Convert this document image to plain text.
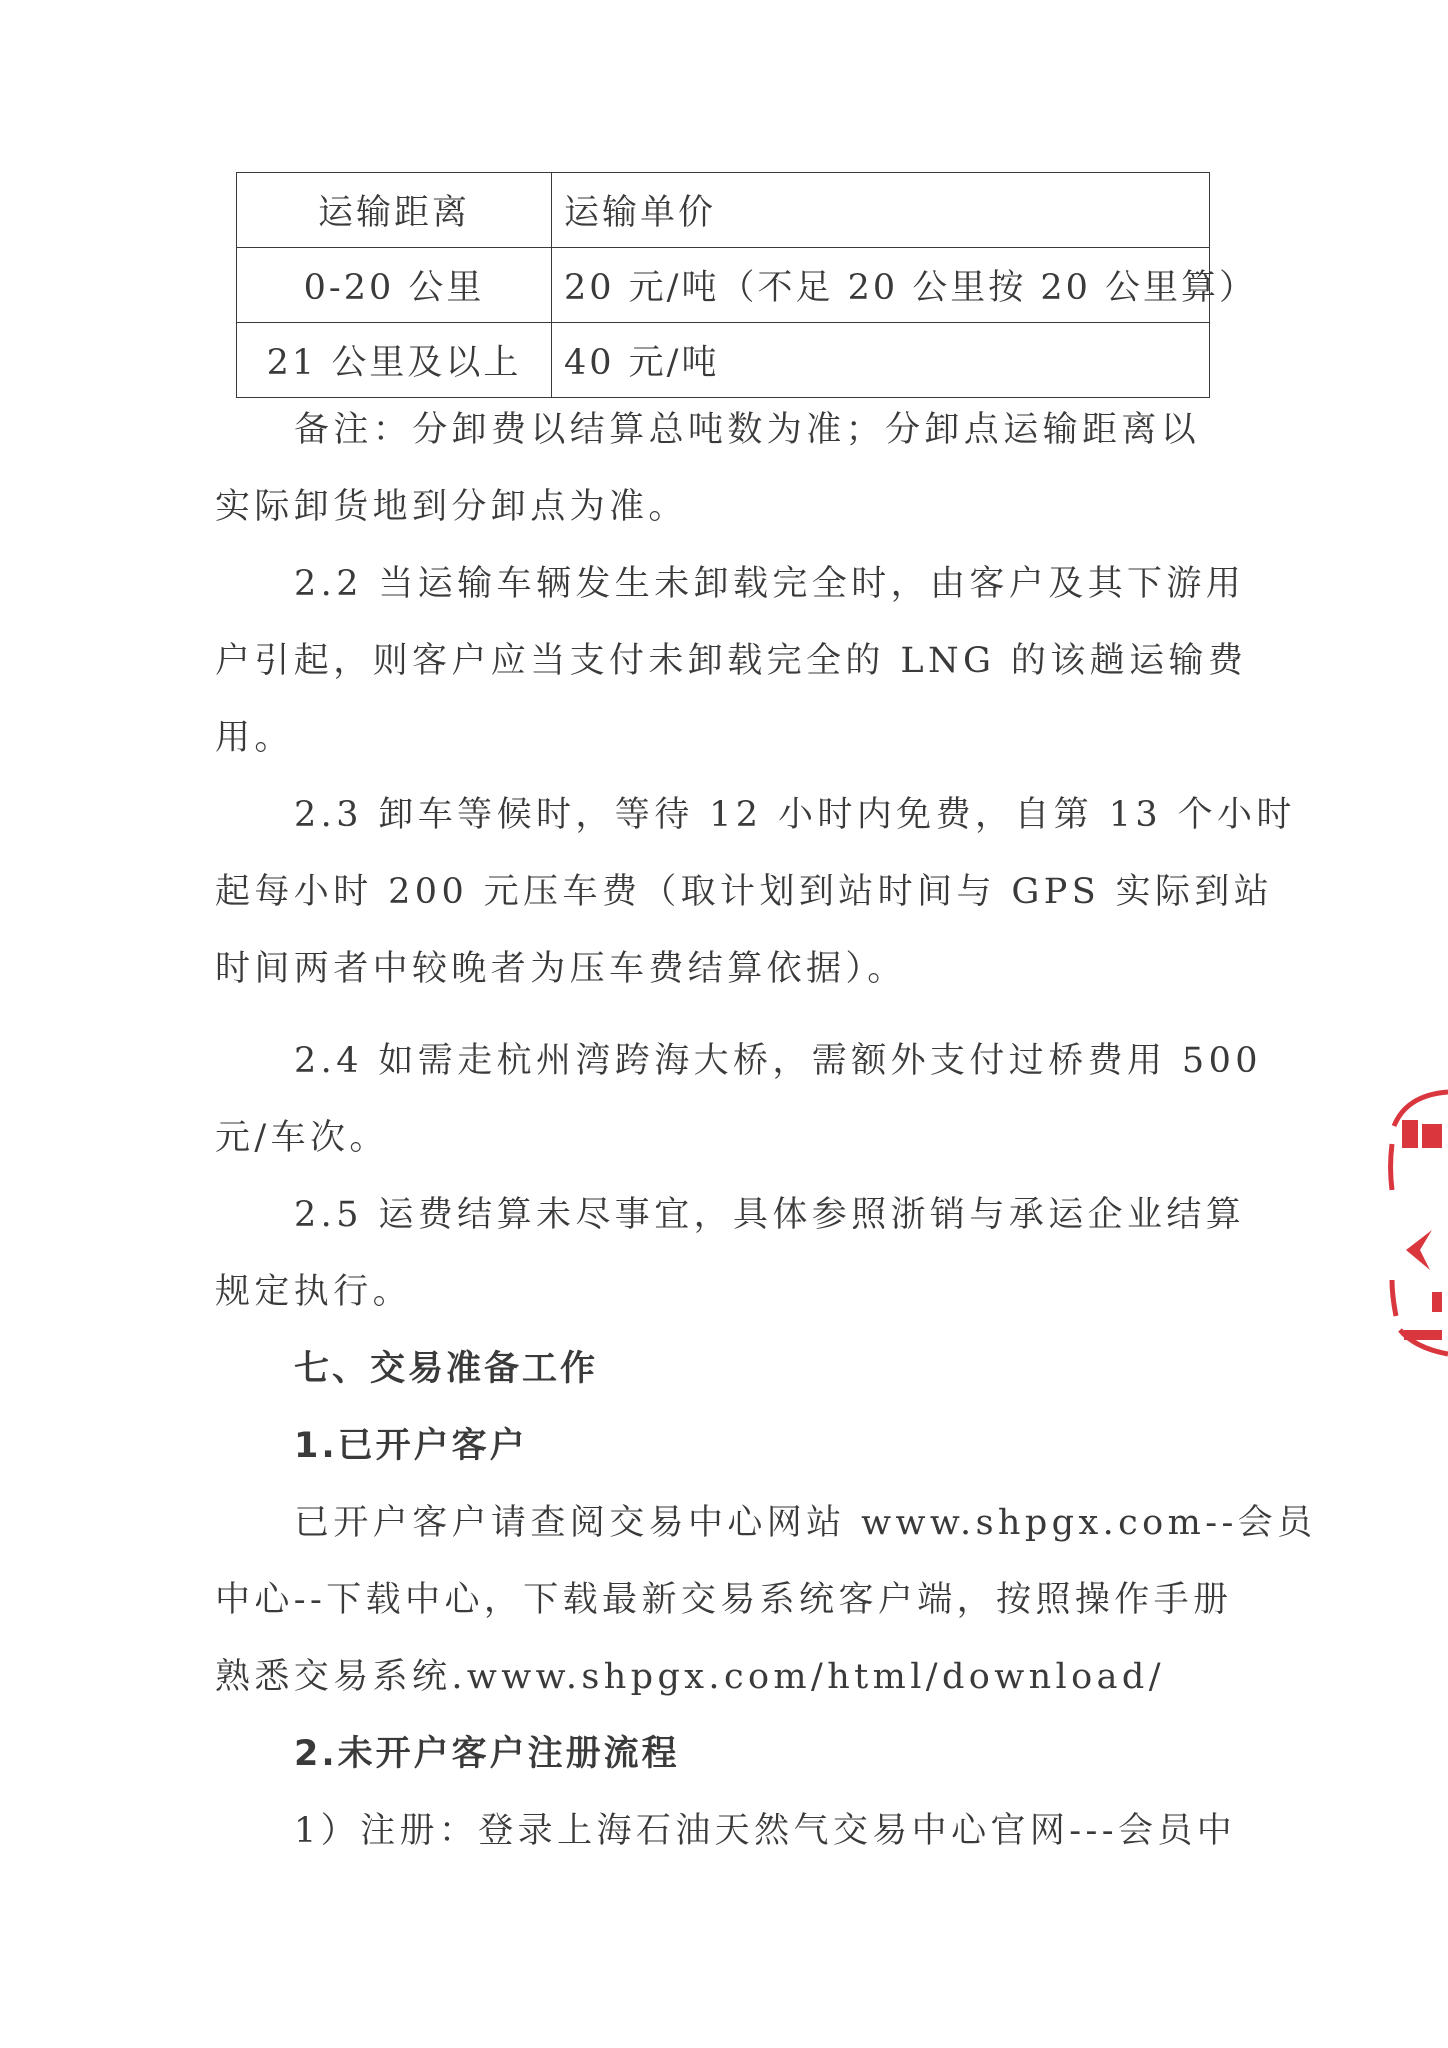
运输距离	运输单价
0-20 公里	20 元/吨（不足 20 公里按 20 公里算）
21 公里及以上	40 元/吨
备注：分卸费以结算总吨数为准；分卸点运输距离以
实际卸货地到分卸点为准。
2.2 当运输车辆发生未卸载完全时，由客户及其下游用
户引起，则客户应当支付未卸载完全的 LNG 的该趟运输费
用。
2.3 卸车等候时，等待 12 小时内免费，自第 13 个小时
起每小时 200 元压车费（取计划到站时间与 GPS 实际到站
时间两者中较晚者为压车费结算依据）。
2.4 如需走杭州湾跨海大桥，需额外支付过桥费用 500
元/车次。
2.5 运费结算未尽事宜，具体参照浙销与承运企业结算
规定执行。
七、交易准备工作
1.已开户客户
已开户客户请查阅交易中心网站 www.shpgx.com--会员
中心--下载中心，下载最新交易系统客户端，按照操作手册
熟悉交易系统.www.shpgx.com/html/download/
2.未开户客户注册流程
1）注册：登录上海石油天然气交易中心官网---会员中
